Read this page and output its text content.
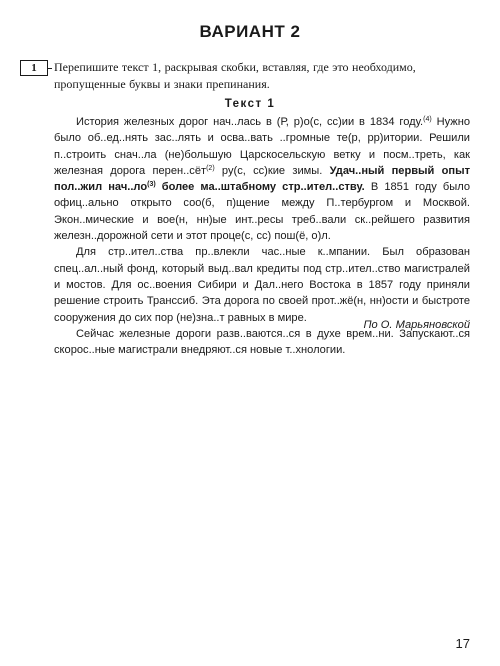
ВАРИАНТ 2
1	Перепишите текст 1, раскрывая скобки, вставляя, где это необходимо, пропущенные буквы и знаки препинания.
Текст 1

История железных дорог нач..лась в (Р, р)о(с, сс)ии в 1834 году.$^{(4)}$ Нужно было об..ед..нять зас..лять и осва..вать ..громные те(р, рр)итории. Решили п..строить снач..ла (не)большую Царскосельскую ветку и посм..треть, как железная дорога перен..сёт$^{(2)}$ ру(с, сс)кие зимы. Удач..ный первый опыт пол..жил $нач..ло^{(3)}$ более ма..штабному стр..ител..ству. В 1851 году было офиц..ально открыто соо(б, п)щение между П..тербургом и Москвой. Экон..мические и вое(н, нн)ые инт..ресы треб..вали ск..рейшего развития железн..дорожной сети и этот проце(с, сс) пош(ё, о)л.

Для стр..ител..ства пр..влекли час..ные к..мпании. Был образован спец..ал..ный фонд, который выд..вал кредиты под стр..ител..ство магистралей и мостов. Для ос..воения Сибири и Дал..него Востока в 1857 году приняли решение строить Транссиб. Эта дорога по своей прот..жё(н, нн)ости и быстроте сооружения до сих пор (не)зна..т равных в мире.

Сейчас железные дороги разв..ваются..ся в духе врем..ни. Запускают..ся скорос..ные магистрали внедряют..ся новые т..хнологии.

По О. Марьяновской
17
